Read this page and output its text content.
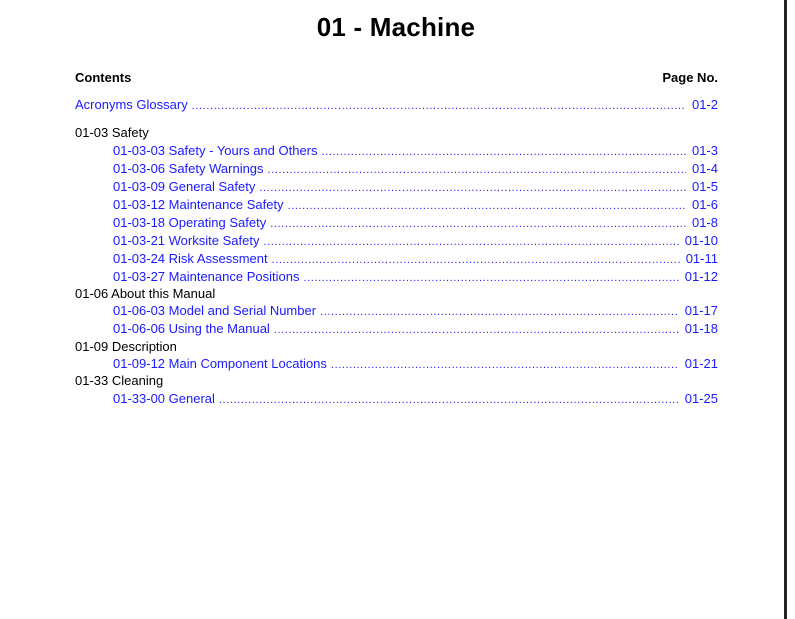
01 - Machine
Contents	Page No.
Acronyms Glossary .....	01-2
01-03 Safety
01-03-03 Safety - Yours and Others .....	01-3
01-03-06 Safety Warnings .....	01-4
01-03-09 General Safety .....	01-5
01-03-12 Maintenance Safety .....	01-6
01-03-18 Operating Safety .....	01-8
01-03-21 Worksite Safety .....	01-10
01-03-24 Risk Assessment .....	01-11
01-03-27 Maintenance Positions .....	01-12
01-06 About this Manual
01-06-03 Model and Serial Number .....	01-17
01-06-06 Using the Manual .....	01-18
01-09 Description
01-09-12 Main Component Locations .....	01-21
01-33 Cleaning
01-33-00 General .....	01-25
